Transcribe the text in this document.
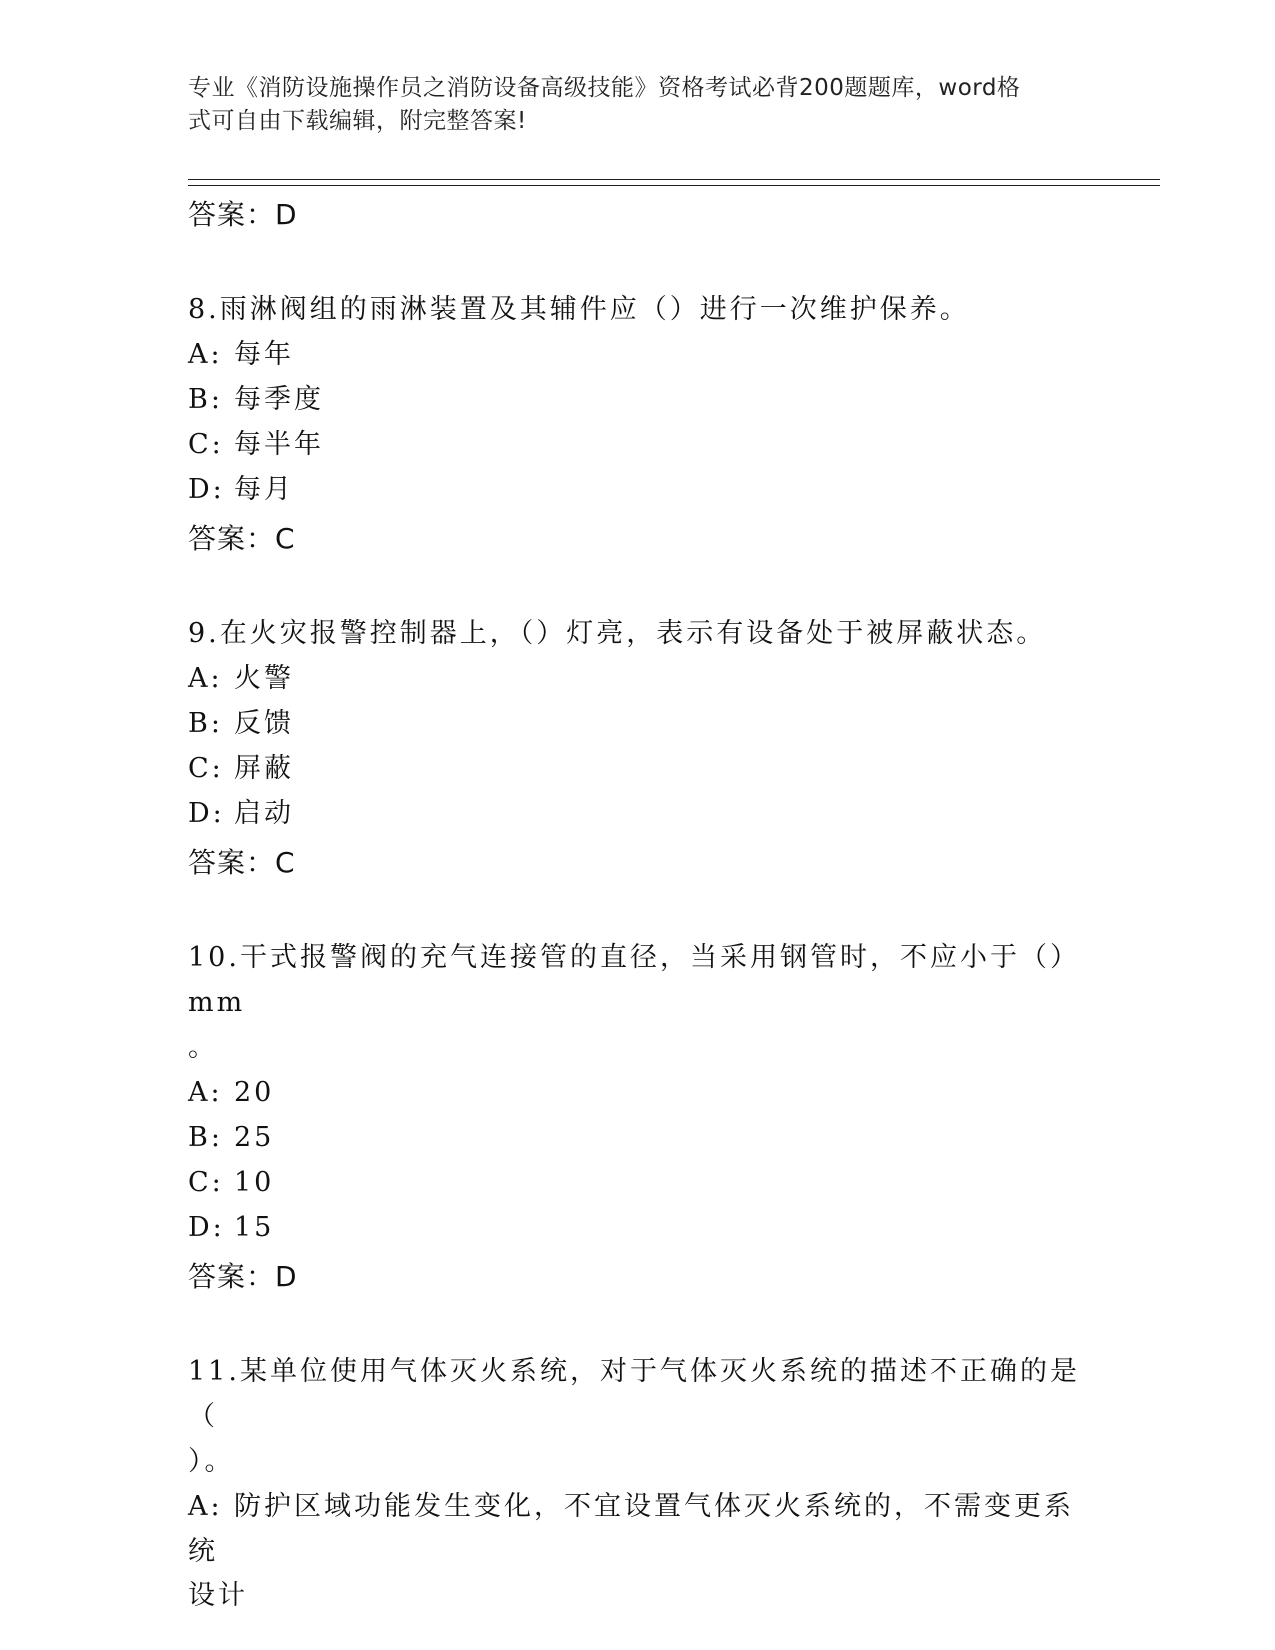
专业《消防设施操作员之消防设备高级技能》资格考试必背200题题库，word格
式可自由下载编辑，附完整答案!
答案：D
8.雨淋阀组的雨淋装置及其辅件应（）进行一次维护保养。
A: 每年
B: 每季度
C: 每半年
D: 每月
答案：C
9.在火灾报警控制器上，（）灯亮，表示有设备处于被屏蔽状态。
A: 火警
B: 反馈
C: 屏蔽
D: 启动
答案：C
10.干式报警阀的充气连接管的直径，当采用钢管时，不应小于（）mm
。
A: 20
B: 25
C: 10
D: 15
答案：D
11.某单位使用气体灭火系统，对于气体灭火系统的描述不正确的是（
）。
A: 防护区域功能发生变化，不宜设置气体灭火系统的，不需变更系统
设计
